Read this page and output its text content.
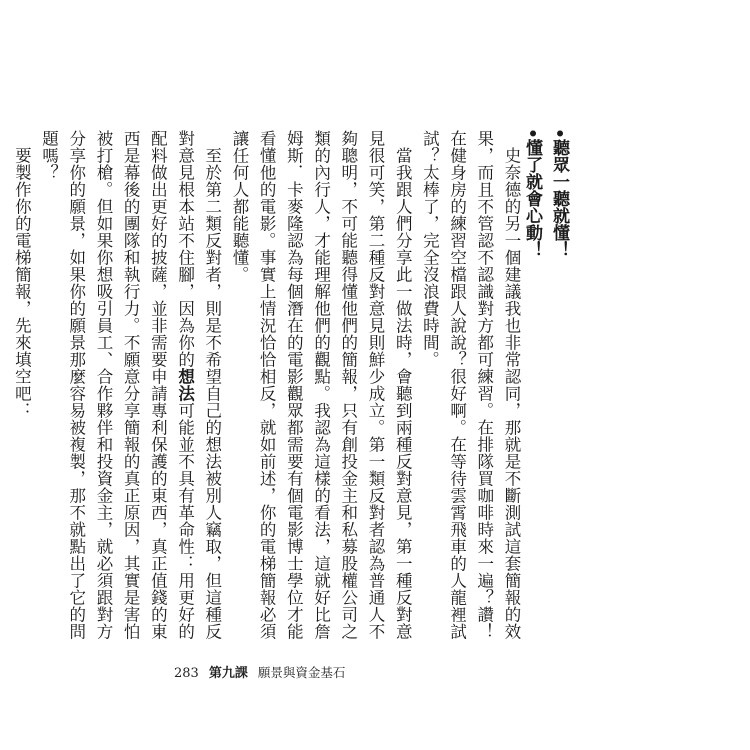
•聽眾一聽就懂！

•懂了就會心動！

史奈德的另一個建議我也非常認同，那就是不斷測試這套簡報的效果，而且不管認不認識對方都可練習。在排隊買咖啡時來一遍？讚！在健身房的練習空檔跟人說說？很好啊。在等待雲霄飛車的人龍裡試試？太棒了，完全沒浪費時間。

當我跟人們分享此一做法時，會聽到兩種反對意見，第一種反對意見很可笑，第二種反對意見則鮮少成立。第一類反對者認為普通人不夠聰明，不可能聽得懂他們的簡報，只有創投金主和私募股權公司之類的內行人，才能理解他們的觀點。我認為這樣的看法，這就好比詹姆斯．卡麥隆認為每個潛在的電影觀眾都需要有個電影博士學位才能看懂他的電影。事實上情況恰恰相反，就如前述，你的電梯簡報必須讓任何人都能聽懂。

至於第二類反對者，則是不希望自己的想法被別人竊取，但這種反對意見根本站不住腳，因為你的想法可能並不具有革命性：用更好的配料做出更好的披薩，並非需要申請專利保護的東西，真正值錢的東西是幕後的團隊和執行力。不願意分享簡報的真正原因，其實是害怕被打槍。但如果你想吸引員工、合作夥伴和投資金主，就必須跟對方分享你的願景，如果你的願景那麼容易被複製，那不就點出了它的問題嗎？

要製作你的電梯簡報，先來填空吧：

283 第九課 願景與資金基石
